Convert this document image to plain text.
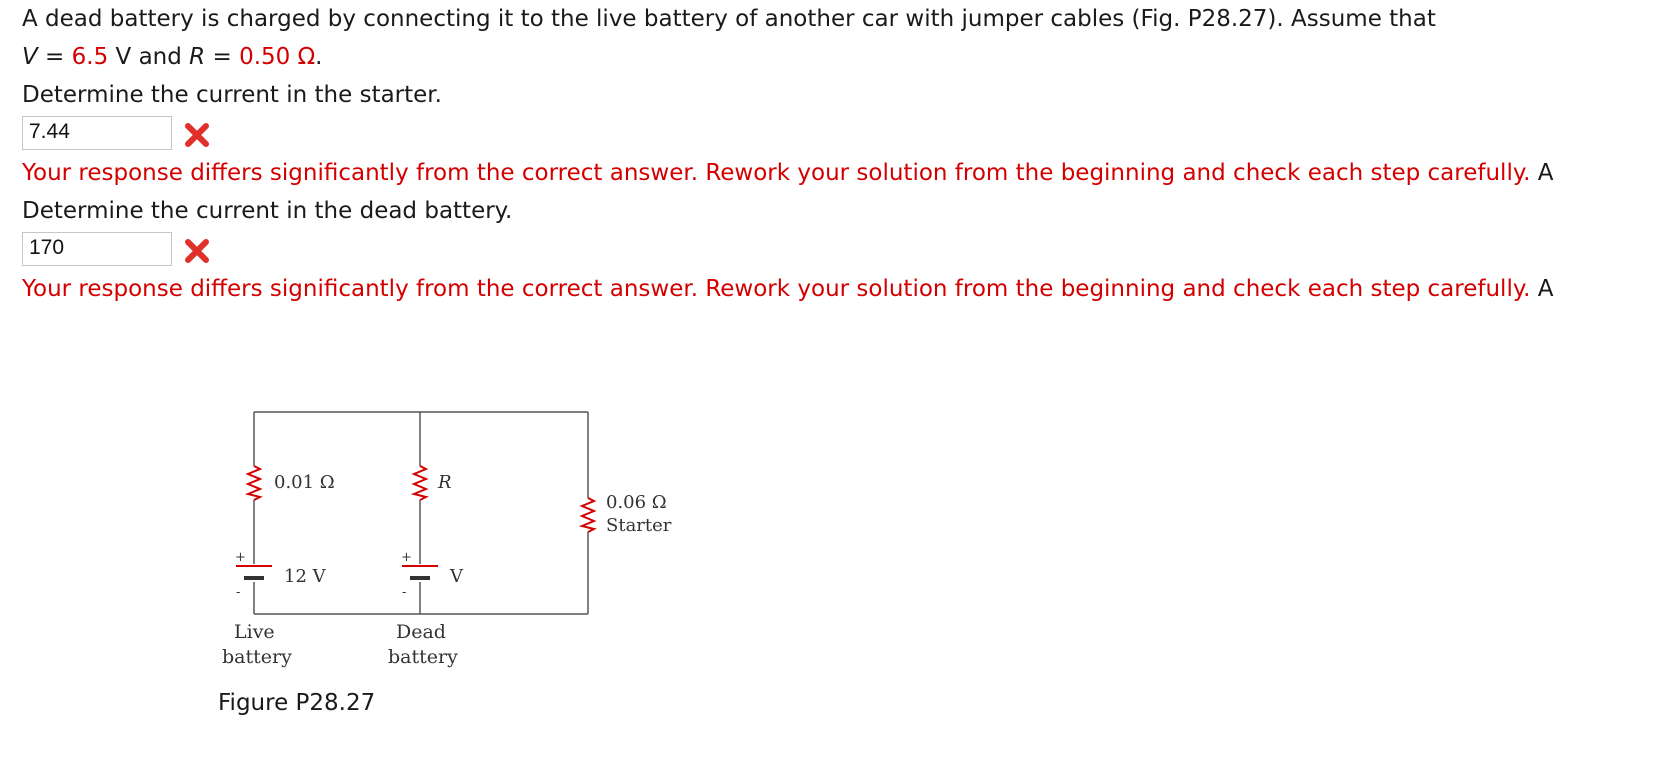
A dead battery is charged by connecting it to the live battery of another car with jumper cables (Fig. P28.27). Assume that
V = 6.5 V and R = 0.50 Ω.
Determine the current in the starter.
7.44
Your response differs significantly from the correct answer. Rework your solution from the beginning and check each step carefully. A
Determine the current in the dead battery.
170
Your response differs significantly from the correct answer. Rework your solution from the beginning and check each step carefully. A
+
-
+
-
0.01 Ω
12 V
R
V
0.06 Ω
Starter
Live
battery
Dead
battery
Figure P28.27
